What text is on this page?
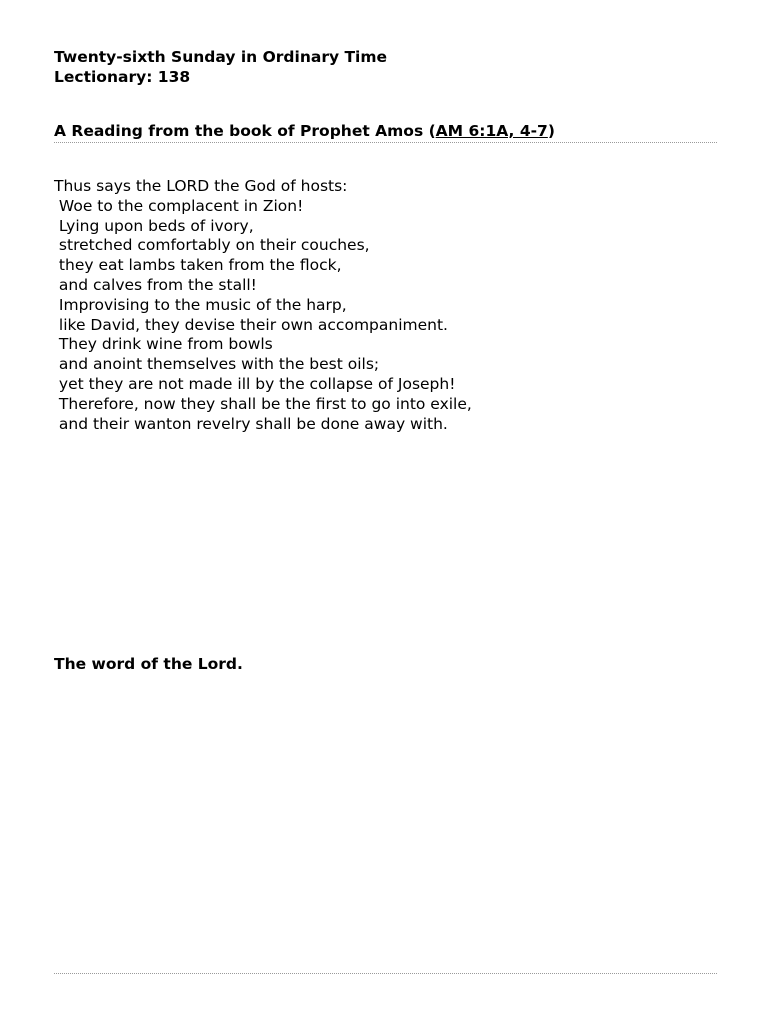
Twenty-sixth Sunday in Ordinary Time
Lectionary: 138
A Reading from the book of Prophet Amos (AM 6:1A, 4-7)
Thus says the LORD the God of hosts:
Woe to the complacent in Zion!
Lying upon beds of ivory,
stretched comfortably on their couches,
they eat lambs taken from the flock,
and calves from the stall!
Improvising to the music of the harp,
like David, they devise their own accompaniment.
They drink wine from bowls
and anoint themselves with the best oils;
yet they are not made ill by the collapse of Joseph!
Therefore, now they shall be the first to go into exile,
and their wanton revelry shall be done away with.
The word of the Lord.
